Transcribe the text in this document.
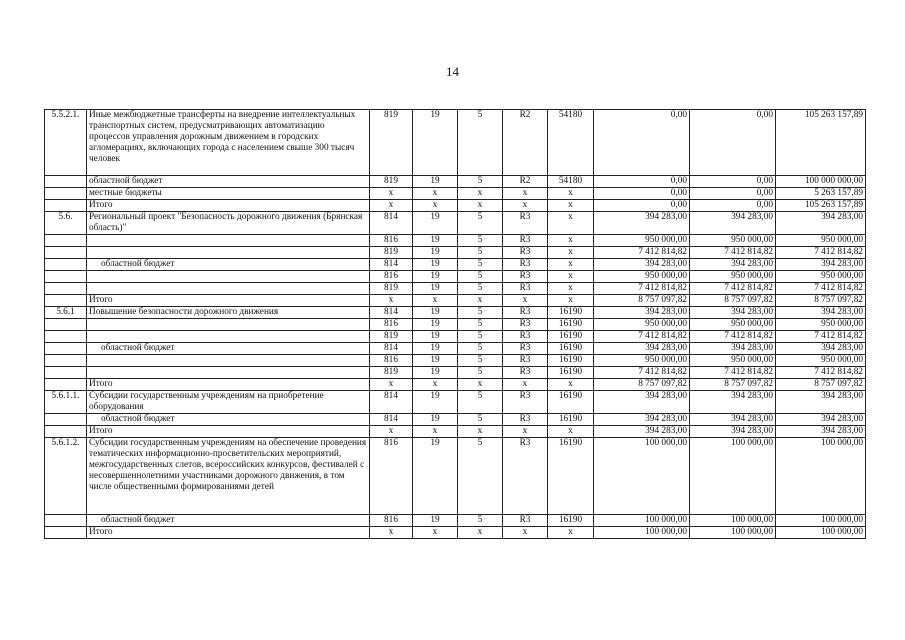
14
5.5.2.1.	Иные межбюджетные трансферты на внедрение интеллектуальных транспортных систем, предусматривающих автоматизацию процессов управления дорожным движением в городских агломерациях, включающих города с населением свыше 300 тысяч человек	819	19	5	R2	54180	0,00	0,00	105 263 157,89
	областной бюджет	819	19	5	R2	54180	0,00	0,00	100 000 000,00
	местные бюджеты	х	х	х	х	х	0,00	0,00	5 263 157,89
	Итого	х	х	х	х	х	0,00	0,00	105 263 157,89
5.6.	Региональный проект "Безопасность дорожного движения (Брянская область)"	814	19	5	R3	х	394 283,00	394 283,00	394 283,00
		816	19	5	R3	х	950 000,00	950 000,00	950 000,00
		819	19	5	R3	х	7 412 814,82	7 412 814,82	7 412 814,82
	областной бюджет	814	19	5	R3	х	394 283,00	394 283,00	394 283,00
		816	19	5	R3	х	950 000,00	950 000,00	950 000,00
		819	19	5	R3	х	7 412 814,82	7 412 814,82	7 412 814,82
	Итого	х	х	х	х	х	8 757 097,82	8 757 097,82	8 757 097,82
5.6.1	Повышение безопасности дорожного движения	814	19	5	R3	16190	394 283,00	394 283,00	394 283,00
		816	19	5	R3	16190	950 000,00	950 000,00	950 000,00
		819	19	5	R3	16190	7 412 814,82	7 412 814,82	7 412 814,82
	областной бюджет	814	19	5	R3	16190	394 283,00	394 283,00	394 283,00
		816	19	5	R3	16190	950 000,00	950 000,00	950 000,00
		819	19	5	R3	16190	7 412 814,82	7 412 814,82	7 412 814,82
	Итого	х	х	х	х	х	8 757 097,82	8 757 097,82	8 757 097,82
5.6.1.1.	Субсидии государственным учреждениям на приобретение оборудования	814	19	5	R3	16190	394 283,00	394 283,00	394 283,00
	областной бюджет	814	19	5	R3	16190	394 283,00	394 283,00	394 283,00
	Итого	х	х	х	х	х	394 283,00	394 283,00	394 283,00
5.6.1.2.	Субсидии государственным учреждениям на обеспечение проведения тематических информационно-просветительских мероприятий, межгосударственных слетов, всероссийских конкурсов, фестивалей с несовершеннолетними участниками дорожного движения, в том числе общественными формированиями детей	816	19	5	R3	16190	100 000,00	100 000,00	100 000,00
	областной бюджет	816	19	5	R3	16190	100 000,00	100 000,00	100 000,00
	Итого	х	х	х	х	х	100 000,00	100 000,00	100 000,00
